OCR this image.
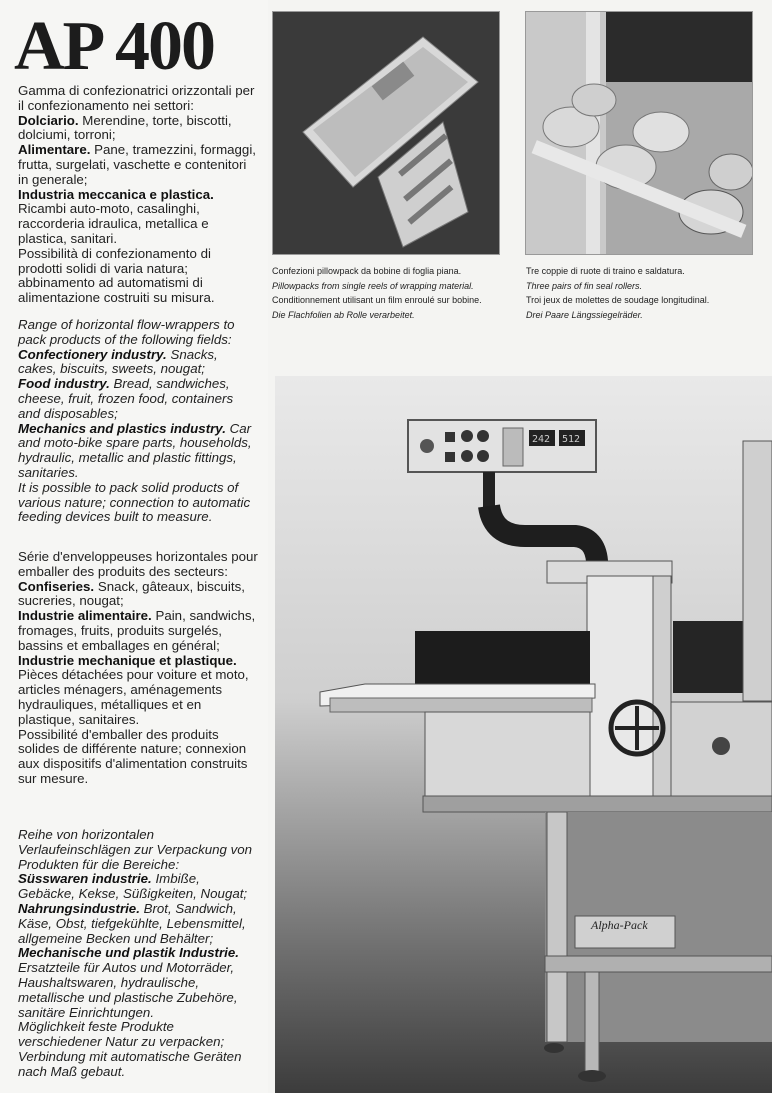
AP 400
Gamma di confezionatrici orizzontali per il confezionamento nei settori:
Dolciario. Merendine, torte, biscotti, dolciumi, torroni;
Alimentare. Pane, tramezzini, formaggi, frutta, surgelati, vaschette e contenitori in generale;
Industria meccanica e plastica.
Ricambi auto-moto, casalinghi, raccorderia idraulica, metallica e plastica, sanitari.
Possibilità di confezionamento di prodotti solidi di varia natura; abbinamento ad automatismi di alimentazione costruiti su misura.
Range of horizontal flow-wrappers to pack products of the following fields:
Confectionery industry. Snacks, cakes, biscuits, sweets, nougat;
Food industry. Bread, sandwiches, cheese, fruit, frozen food, containers and disposables;
Mechanics and plastics industry. Car and moto-bike spare parts, households, hydraulic, metallic and plastic fittings, sanitaries.
It is possible to pack solid products of various nature; connection to automatic feeding devices built to measure.
Série d'enveloppeuses horizontales pour emballer des produits des secteurs:
Confiseries. Snack, gâteaux, biscuits, sucreries, nougat;
Industrie alimentaire. Pain, sandwichs, fromages, fruits, produits surgelés, bassins et emballages en général;
Industrie mechanique et plastique.
Pièces détachées pour voiture et moto, articles ménagers, aménagements hydrauliques, métalliques et en plastique, sanitaires.
Possibilité d'emballer des produits solides de différente nature; connexion aux dispositifs d'alimentation construits sur mesure.
Reihe von horizontalen Verlaufeinschlägen zur Verpackung von Produkten für die Bereiche:
Süsswaren industrie. Imbiße, Gebäcke, Kekse, Süßigkeiten, Nougat;
Nahrungsindustrie. Brot, Sandwich, Käse, Obst, tiefgekühlte, Lebensmittel, allgemeine Becken und Behälter;
Mechanische und plastik Industrie.
Ersatzteile für Autos und Motorräder, Haushaltswaren, hydraulische, metallische und plastische Zubehöre, sanitäre Einrichtungen.
Möglichkeit feste Produkte verschiedener Natur zu verpacken; Verbindung mit automatische Geräten nach Maß gebaut.
Confezioni pillowpack da bobine di foglia piana.
Pillowpacks from single reels of wrapping material.
Conditionnement utilisant un film enroulé sur bobine.
Die Flachfolien ab Rolle verarbeitet.
Tre coppie di ruote di traino e saldatura.
Three pairs of fin seal rollers.
Troi jeux de molettes de soudage longitudinal.
Drei Paare Längssiegelräder.
242 512
Alpha-Pack
